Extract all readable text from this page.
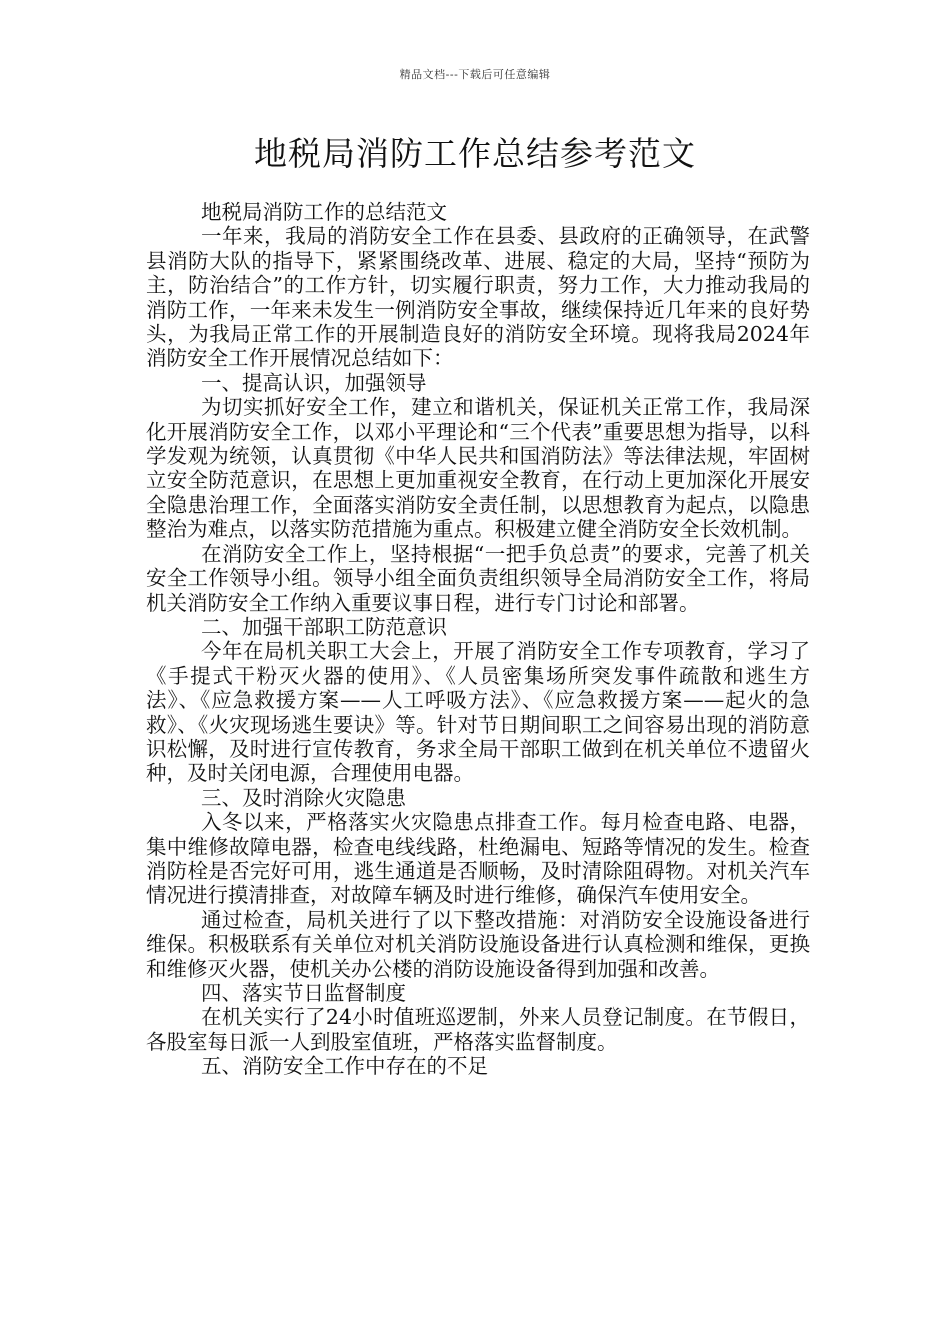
精品文档---下载后可任意编辑
地税局消防工作总结参考范文

地税局消防工作的总结范文

一年来，我局的消防安全工作在县委、县政府的正确领导，在武警县消防大队的指导下，紧紧围绕改革、进展、稳定的大局，坚持“预防为主，防治结合”的工作方针，切实履行职责，努力工作，大力推动我局的消防工作，一年来未发生一例消防安全事故，继续保持近几年来的良好势头，为我局正常工作的开展制造良好的消防安全环境。现将我局2024年消防安全工作开展情况总结如下：

一、提高认识，加强领导

为切实抓好安全工作，建立和谐机关，保证机关正常工作，我局深化开展消防安全工作，以邓小平理论和“三个代表”重要思想为指导，以科学发观为统领，认真贯彻《中华人民共和国消防法》等法律法规，牢固树立安全防范意识，在思想上更加重视安全教育，在行动上更加深化开展安全隐患治理工作，全面落实消防安全责任制，以思想教育为起点，以隐患整治为难点，以落实防范措施为重点。积极建立健全消防安全长效机制。

在消防安全工作上，坚持根据“一把手负总责”的要求，完善了机关安全工作领导小组。领导小组全面负责组织领导全局消防安全工作，将局机关消防安全工作纳入重要议事日程，进行专门讨论和部署。

二、加强干部职工防范意识

今年在局机关职工大会上，开展了消防安全工作专项教育，学习了《手提式干粉灭火器的使用》、《人员密集场所突发事件疏散和逃生方法》、《应急救援方案——人工呼吸方法》、《应急救援方案——起火的急救》、《火灾现场逃生要诀》等。针对节日期间职工之间容易出现的消防意识松懈，及时进行宣传教育，务求全局干部职工做到在机关单位不遗留火种，及时关闭电源，合理使用电器。

三、及时消除火灾隐患

入冬以来，严格落实火灾隐患点排查工作。每月检查电路、电器，集中维修故障电器，检查电线线路，杜绝漏电、短路等情况的发生。检查消防栓是否完好可用，逃生通道是否顺畅，及时清除阻碍物。对机关汽车情况进行摸清排查，对故障车辆及时进行维修，确保汽车使用安全。

通过检查，局机关进行了以下整改措施：对消防安全设施设备进行维保。积极联系有关单位对机关消防设施设备进行认真检测和维保，更换和维修灭火器，使机关办公楼的消防设施设备得到加强和改善。

四、落实节日监督制度

在机关实行了24小时值班巡逻制，外来人员登记制度。在节假日，各股室每日派一人到股室值班，严格落实监督制度。

五、消防安全工作中存在的不足
